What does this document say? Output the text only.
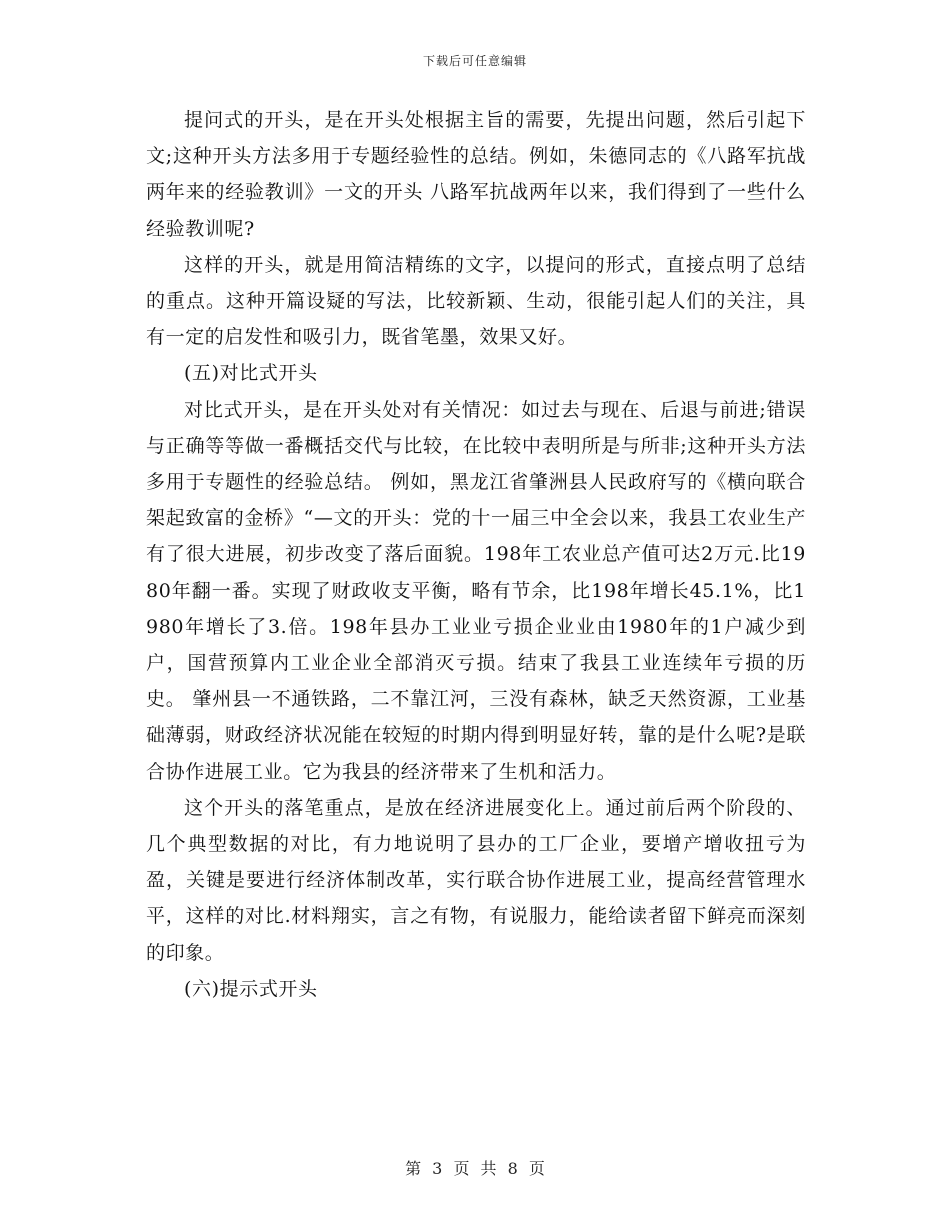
下载后可任意编辑

提问式的开头，是在开头处根据主旨的需要，先提出问题，然后引起下文;这种开头方法多用于专题经验性的总结。例如，朱德同志的《八路军抗战两年来的经验教训》一文的开头 八路军抗战两年以来，我们得到了一些什么经验教训呢?

这样的开头，就是用简洁精练的文字，以提问的形式，直接点明了总结的重点。这种开篇设疑的写法，比较新颖、生动，很能引起人们的关注，具有一定的启发性和吸引力，既省笔墨，效果又好。

(五)对比式开头

对比式开头，是在开头处对有关情况：如过去与现在、后退与前进;错误与正确等等做一番概括交代与比较，在比较中表明所是与所非;这种开头方法多用于专题性的经验总结。 例如，黑龙江省肇洲县人民政府写的《横向联合架起致富的金桥》“—文的开头：党的十一届三中全会以来，我县工农业生产有了很大进展，初步改变了落后面貌。198年工农业总产值可达2万元.比1980年翻一番。实现了财政收支平衡，略有节余，比198年增长45.1%，比1980年增长了3.倍。198年县办工业业亏损企业业由1980年的1户减少到户，国营预算内工业企业全部消灭亏损。结束了我县工业连续年亏损的历史。 肇州县一不通铁路，二不靠江河，三没有森林，缺乏天然资源，工业基础薄弱，财政经济状况能在较短的时期内得到明显好转，靠的是什么呢?是联合协作进展工业。它为我县的经济带来了生机和活力。

这个开头的落笔重点，是放在经济进展变化上。通过前后两个阶段的、几个典型数据的对比，有力地说明了县办的工厂企业，要增产增收扭亏为盈，关键是要进行经济体制改革，实行联合协作进展工业，提高经营管理水平，这样的对比.材料翔实，言之有物，有说服力，能给读者留下鲜亮而深刻的印象。

(六)提示式开头

第 3 页 共 8 页
